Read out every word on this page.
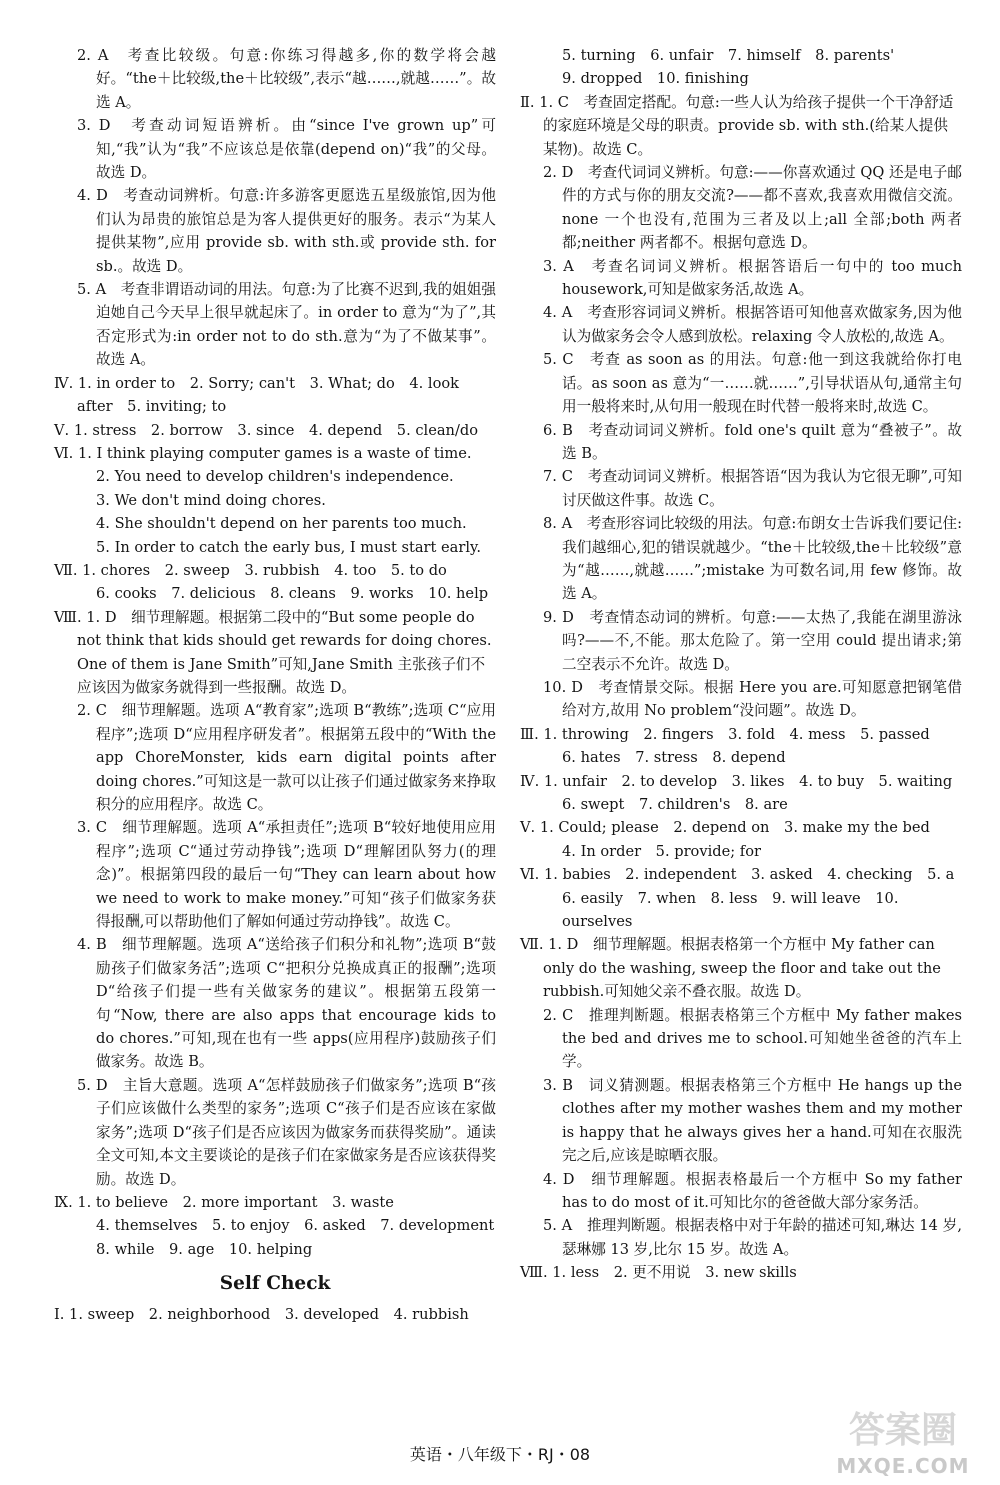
2. A　考查比较级。句意:你练习得越多,你的数学将会越好。“the＋比较级,the＋比较级”,表示“越……,就越……”。故选 A。
3. D　考查动词短语辨析。由“since I've grown up”可知,“我”认为“我”不应该总是依靠(depend on)“我”的父母。故选 D。
4. D　考查动词辨析。句意:许多游客更愿选五星级旅馆,因为他们认为昂贵的旅馆总是为客人提供更好的服务。表示“为某人提供某物”,应用 provide sb. with sth.或 provide sth. for sb.。故选 D。
5. A　考查非谓语动词的用法。句意:为了比赛不迟到,我的姐姐强迫她自己今天早上很早就起床了。in order to 意为“为了”,其否定形式为:in order not to do sth.意为“为了不做某事”。故选 A。
Ⅳ. 1. in order to　2. Sorry; can't　3. What; do　4. look after　5. inviting; to
Ⅴ. 1. stress　2. borrow　3. since　4. depend　5. clean/do
Ⅵ. 1. I think playing computer games is a waste of time.
2. You need to develop children's independence.
3. We don't mind doing chores.
4. She shouldn't depend on her parents too much.
5. In order to catch the early bus, I must start early.
Ⅶ. 1. chores　2. sweep　3. rubbish　4. too　5. to do
6. cooks　7. delicious　8. cleans　9. works　10. help
Ⅷ. 1. D　细节理解题。根据第二段中的“But some people do not think that kids should get rewards for doing chores. One of them is Jane Smith”可知,Jane Smith 主张孩子们不应该因为做家务就得到一些报酬。故选 D。
2. C　细节理解题。选项 A“教育家”;选项 B“教练”;选项 C“应用程序”;选项 D“应用程序研发者”。根据第五段中的“With the app ChoreMonster, kids earn digital points after doing chores.”可知这是一款可以让孩子们通过做家务来挣取积分的应用程序。故选 C。
3. C　细节理解题。选项 A“承担责任”;选项 B“较好地使用应用程序”;选项 C“通过劳动挣钱”;选项 D“理解团队努力(的理念)”。根据第四段的最后一句“They can learn about how we need to work to make money.”可知“孩子们做家务获得报酬,可以帮助他们了解如何通过劳动挣钱”。故选 C。
4. B　细节理解题。选项 A“送给孩子们积分和礼物”;选项 B“鼓励孩子们做家务活”;选项 C“把积分兑换成真正的报酬”;选项 D“给孩子们提一些有关做家务的建议”。根据第五段第一句“Now, there are also apps that encourage kids to do chores.”可知,现在也有一些 apps(应用程序)鼓励孩子们做家务。故选 B。
5. D　主旨大意题。选项 A“怎样鼓励孩子们做家务”;选项 B“孩子们应该做什么类型的家务”;选项 C“孩子们是否应该在家做家务”;选项 D“孩子们是否应该因为做家务而获得奖励”。通读全文可知,本文主要谈论的是孩子们在家做家务是否应该获得奖励。故选 D。
Ⅸ. 1. to believe　2. more important　3. waste
4. themselves　5. to enjoy　6. asked　7. development
8. while　9. age　10. helping
Self Check
Ⅰ. 1. sweep　2. neighborhood　3. developed　4. rubbish
5. turning　6. unfair　7. himself　8. parents'
9. dropped　10. finishing
Ⅱ. 1. C　考查固定搭配。句意:一些人认为给孩子提供一个干净舒适的家庭环境是父母的职责。provide sb. with sth.(给某人提供某物)。故选 C。
2. D　考查代词词义辨析。句意:——你喜欢通过 QQ 还是电子邮件的方式与你的朋友交流?——都不喜欢,我喜欢用微信交流。none 一个也没有,范围为三者及以上;all 全部;both 两者都;neither 两者都不。根据句意选 D。
3. A　考查名词词义辨析。根据答语后一句中的 too much housework,可知是做家务活,故选 A。
4. A　考查形容词词义辨析。根据答语可知他喜欢做家务,因为他认为做家务会令人感到放松。relaxing 令人放松的,故选 A。
5. C　考查 as soon as 的用法。句意:他一到这我就给你打电话。as soon as 意为“一……就……”,引导状语从句,通常主句用一般将来时,从句用一般现在时代替一般将来时,故选 C。
6. B　考查动词词义辨析。fold one's quilt 意为“叠被子”。故选 B。
7. C　考查动词词义辨析。根据答语“因为我认为它很无聊”,可知讨厌做这件事。故选 C。
8. A　考查形容词比较级的用法。句意:布朗女士告诉我们要记住:我们越细心,犯的错误就越少。“the＋比较级,the＋比较级”意为“越……,就越……”;mistake 为可数名词,用 few 修饰。故选 A。
9. D　考查情态动词的辨析。句意:——太热了,我能在湖里游泳吗?——不,不能。那太危险了。第一空用 could 提出请求;第二空表示不允许。故选 D。
10. D　考查情景交际。根据 Here you are.可知愿意把钢笔借给对方,故用 No problem“没问题”。故选 D。
Ⅲ. 1. throwing　2. fingers　3. fold　4. mess　5. passed
6. hates　7. stress　8. depend
Ⅳ. 1. unfair　2. to develop　3. likes　4. to buy　5. waiting
6. swept　7. children's　8. are
Ⅴ. 1. Could; please　2. depend on　3. make my the bed
4. In order　5. provide; for
Ⅵ. 1. babies　2. independent　3. asked　4. checking　5. a
6. easily　7. when　8. less　9. will leave　10. ourselves
Ⅶ. 1. D　细节理解题。根据表格第一个方框中 My father can only do the washing, sweep the floor and take out the rubbish.可知她父亲不叠衣服。故选 D。
2. C　推理判断题。根据表格第三个方框中 My father makes the bed and drives me to school.可知她坐爸爸的汽车上学。
3. B　词义猜测题。根据表格第三个方框中 He hangs up the clothes after my mother washes them and my mother is happy that he always gives her a hand.可知在衣服洗完之后,应该是晾晒衣服。
4. D　细节理解题。根据表格最后一个方框中 So my father has to do most of it.可知比尔的爸爸做大部分家务活。
5. A　推理判断题。根据表格中对于年龄的描述可知,琳达 14 岁,瑟琳娜 13 岁,比尔 15 岁。故选 A。
Ⅷ. 1. less　2. 更不用说　3. new skills
英语・八年级下・RJ・08
答案圈
MXQE.COM
